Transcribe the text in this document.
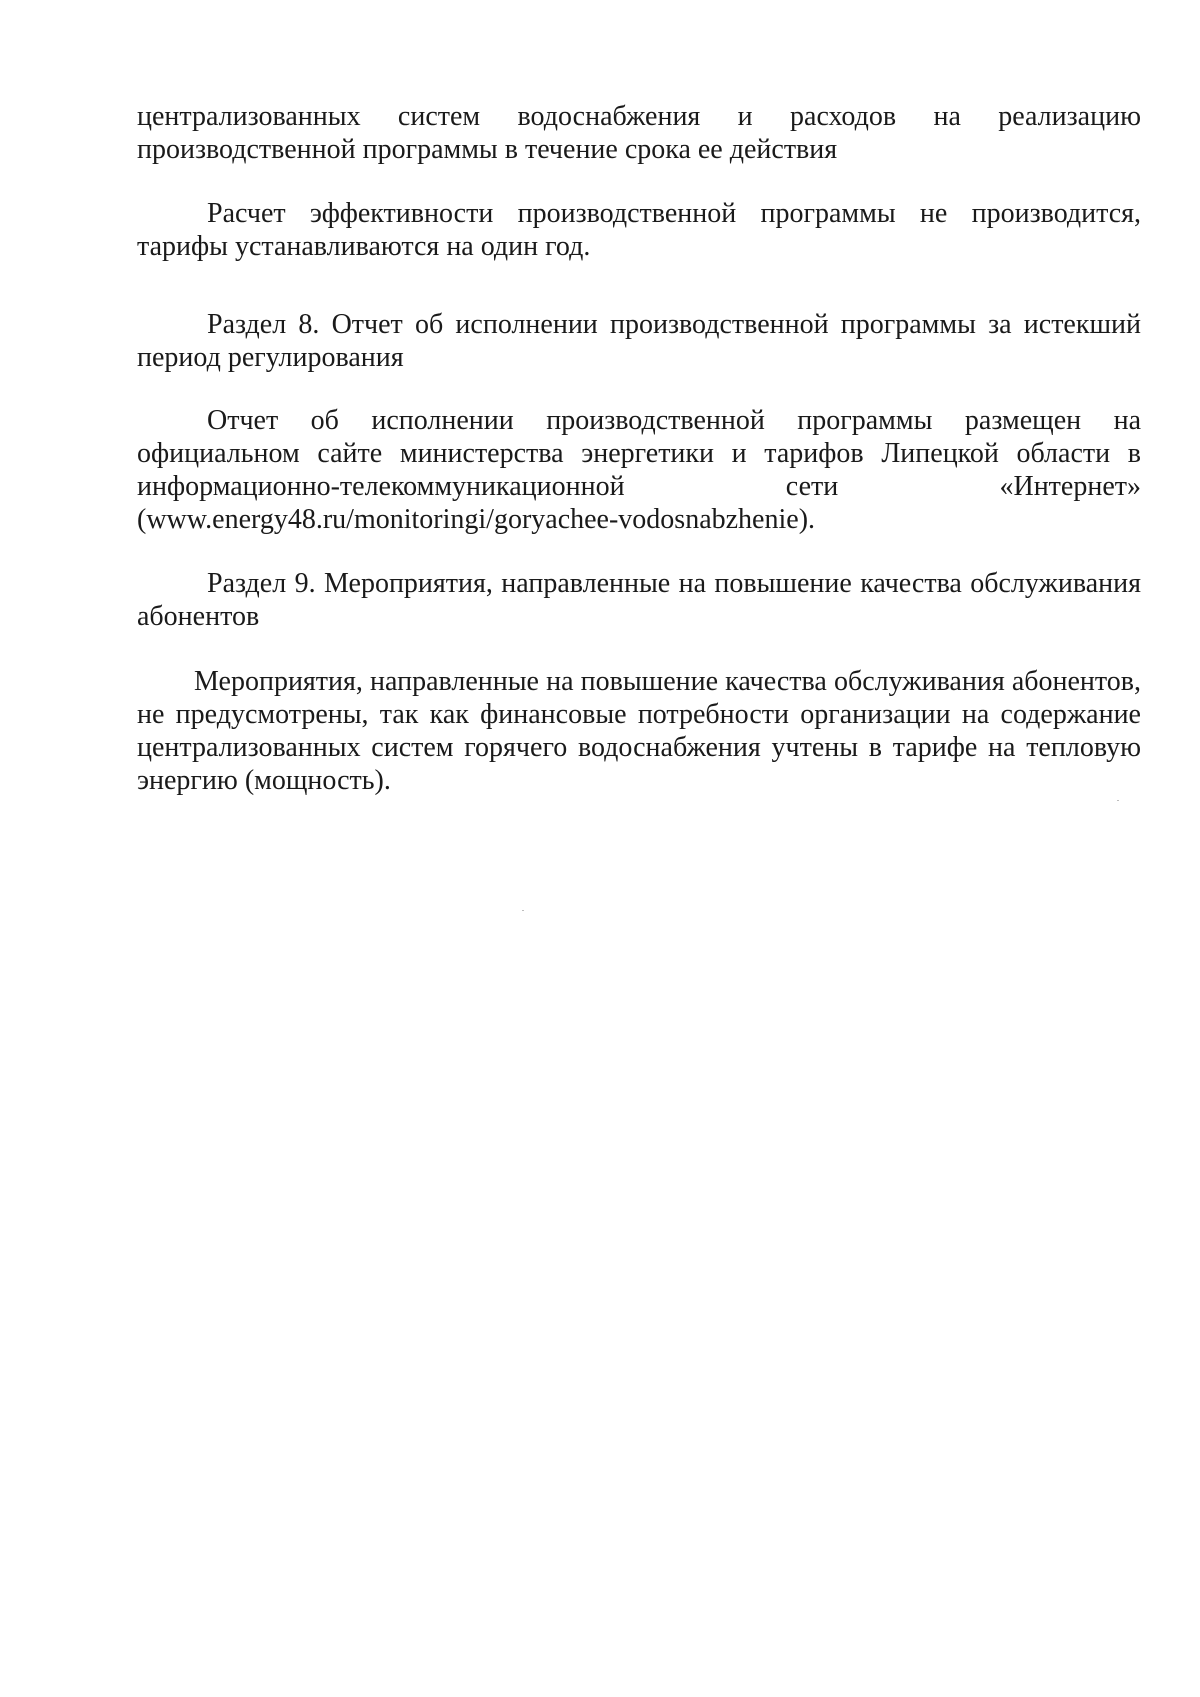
централизованных систем водоснабжения и расходов на реализацию производственной программы в течение срока ее действия

Расчет эффективности производственной программы не производится, тарифы устанавливаются на один год.

Раздел 8. Отчет об исполнении производственной программы за истекший период регулирования

Отчет об исполнении производственной программы размещен на официальном сайте министерства энергетики и тарифов Липецкой области в информационно-телекоммуникационной сети «Интернет» (www.energy48.ru/monitoringi/goryachee-vodosnabzhenie).

Раздел 9. Мероприятия, направленные на повышение качества обслуживания абонентов

Мероприятия, направленные на повышение качества обслуживания абонентов, не предусмотрены, так как финансовые потребности организации на содержание централизованных систем горячего водоснабжения учтены в тарифе на тепловую энергию (мощность).
